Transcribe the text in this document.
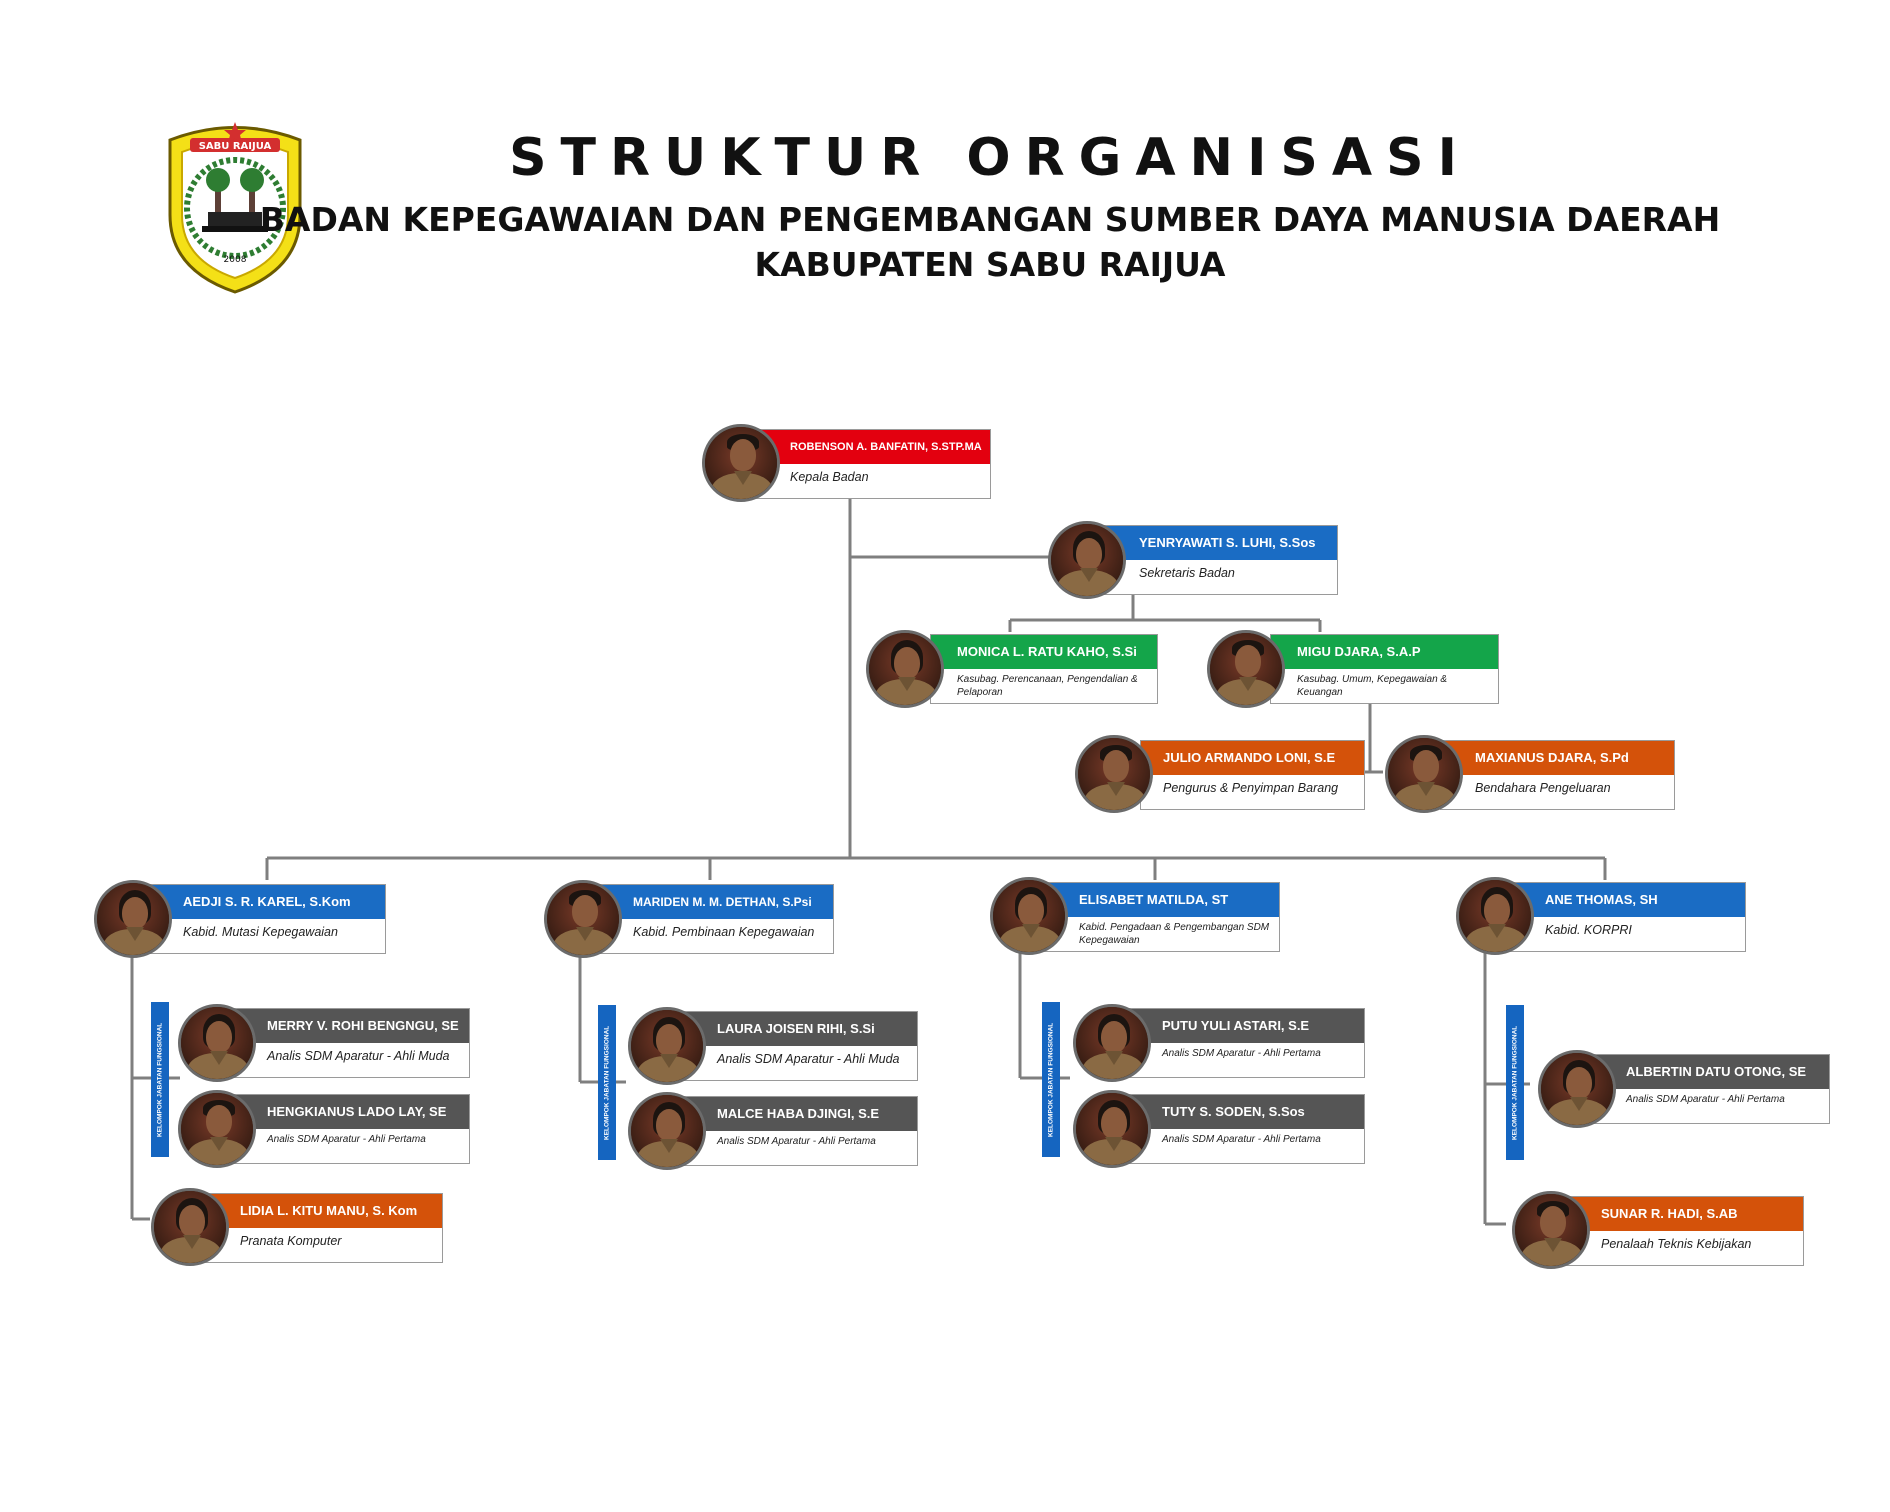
SABU RAIJUA
2008
STRUKTUR ORGANISASI
BADAN KEPEGAWAIAN DAN PENGEMBANGAN SUMBER DAYA MANUSIA DAERAH
KABUPATEN SABU RAIJUA
KELOMPOK JABATAN FUNGSIONAL	KELOMPOK JABATAN FUNGSIONAL	KELOMPOK JABATAN FUNGSIONAL	KELOMPOK JABATAN FUNGSIONAL
ROBENSON A. BANFATIN, S.STP.MA
Kepala Badan
YENRYAWATI S. LUHI, S.Sos
Sekretaris Badan
MONICA L. RATU KAHO, S.Si
Kasubag. Perencanaan, Pengendalian & Pelaporan
MIGU DJARA, S.A.P
Kasubag. Umum, Kepegawaian & Keuangan
JULIO ARMANDO LONI, S.E
Pengurus & Penyimpan Barang
MAXIANUS DJARA, S.Pd
Bendahara Pengeluaran
AEDJI S. R. KAREL, S.Kom
Kabid. Mutasi Kepegawaian
MARIDEN M. M. DETHAN, S.Psi
Kabid. Pembinaan Kepegawaian
ELISABET MATILDA, ST
Kabid. Pengadaan & Pengembangan SDM Kepegawaian
ANE THOMAS, SH
Kabid. KORPRI
MERRY V. ROHI BENGNGU, SE
Analis SDM Aparatur - Ahli Muda
HENGKIANUS LADO LAY, SE
Analis SDM Aparatur - Ahli Pertama
LIDIA L. KITU MANU, S. Kom
Pranata Komputer
LAURA JOISEN RIHI, S.Si
Analis SDM Aparatur - Ahli Muda
MALCE HABA DJINGI, S.E
Analis SDM Aparatur - Ahli Pertama
PUTU YULI ASTARI, S.E
Analis SDM Aparatur - Ahli Pertama
TUTY S. SODEN, S.Sos
Analis SDM Aparatur - Ahli Pertama
ALBERTIN DATU OTONG, SE
Analis SDM Aparatur - Ahli Pertama
SUNAR R. HADI, S.AB
Penalaah Teknis Kebijakan
